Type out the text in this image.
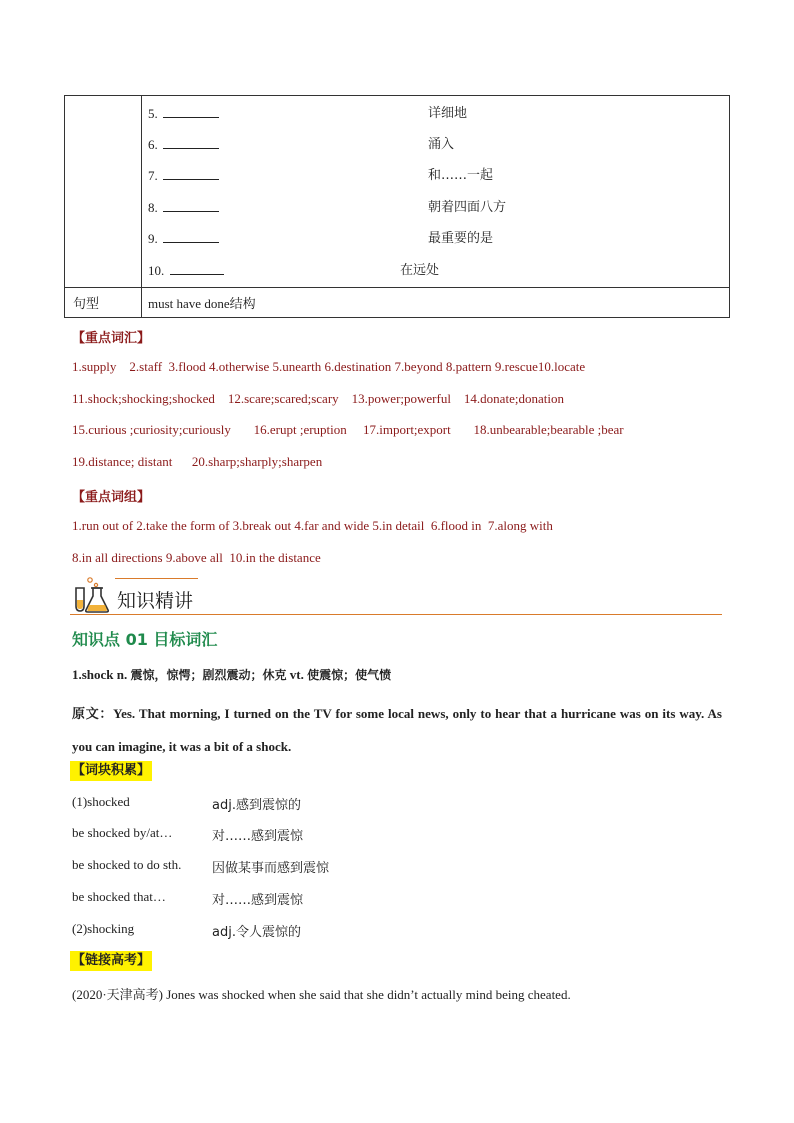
5.	详细地
6.	涌入
7.	和……一起
8.	朝着四面八方
9.	最重要的是
10.	在远处
句型	must have done结构
【重点词汇】
1.supply    2.staff  3.flood 4.otherwise 5.unearth 6.destination 7.beyond 8.pattern 9.rescue10.locate
11.shock;shocking;shocked    12.scare;scared;scary    13.power;powerful    14.donate;donation
15.curious ;curiosity;curiously       16.erupt ;eruption     17.import;export       18.unbearable;bearable ;bear
19.distance; distant      20.sharp;sharply;sharpen
【重点词组】
1.run out of 2.take the form of 3.break out 4.far and wide 5.in detail  6.flood in  7.along with
8.in all directions 9.above all  10.in the distance
知识精讲
知识点 01 目标词汇
1.shock n. 震惊，惊愕；剧烈震动；休克 vt. 使震惊；使气愤
原文：Yes. That morning, I turned on the TV for some local news, only to hear that a hurricane was on its way. As you can imagine, it was a bit of a shock.
【词块积累】
(1)shocked	adj.感到震惊的
be shocked by/at…	对……感到震惊
be shocked to do sth. 因做某事而感到震惊
be shocked that…	对……感到震惊
(2)shocking	adj.令人震惊的
【链接高考】
(2020·天津高考) Jones was shocked when she said that she didn’t actually mind being cheated.
